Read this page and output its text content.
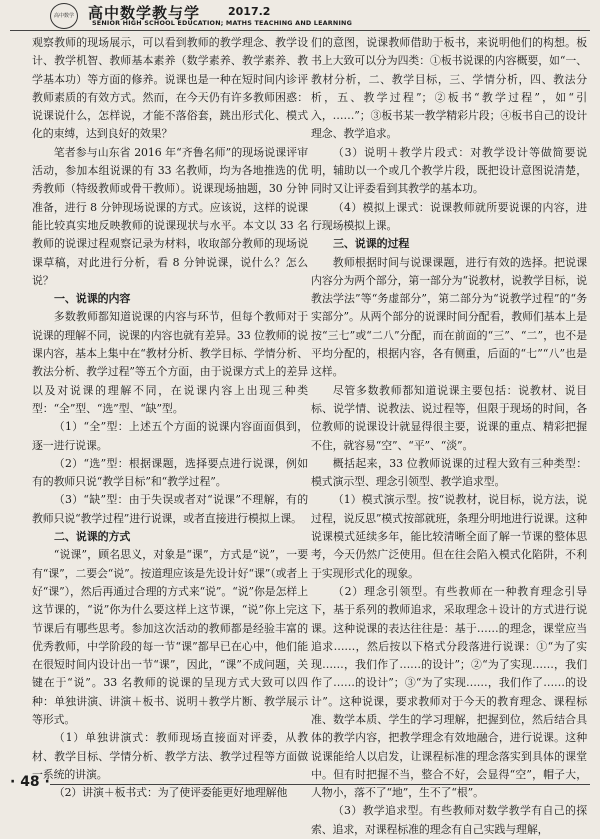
高中数学 高中数学教与学	2017.2
SENIOR HIGH SCHOOL EDUCATION; MATHS TEACHING AND LEARNING

观察教师的现场展示，可以看到教师的教学理念、教学设计、教学机智、教师基本素养（数学素养、教学素养、教学基本功）等方面的修养。说课也是一种在短时间内诊评教师素质的有效方式。然而，在今天仍有许多教师困惑：说课说什么，怎样说，才能不落俗套，跳出形式化、模式化的束缚，达到良好的效果？

笔者参与山东省 2016 年“齐鲁名师”的现场说课评审活动，参加本组说课的有 33 名教师，均为各地推选的优秀教师（特级教师或骨干教师）。说课现场抽题，30 分钟准备，进行 8 分钟现场说课的方式。应该说，这样的说课能比较真实地反映教师的说课现状与水平。本文以 33 名教师的说课过程观察记录为材料，收取部分教师的现场说课草稿，对此进行分析，看 8 分钟说课，说什么？怎么说？

一、说课的内容

多数教师都知道说课的内容与环节，但每个教师对于说课的理解不同，说课的内容也就有差异。33 位教师的说课内容，基本上集中在“教材分析、教学目标、学情分析、教法分析、教学过程”等五个方面，由于说课方式上的差异以及对说课的理解不同，在说课内容上出现三种类型：“全”型、“选”型、“缺”型。

（1）“全”型：上述五个方面的说课内容面面俱到，逐一进行说课。

（2）“选”型：根据课题，选择要点进行说课，例如有的教师只说“教学目标”和“教学过程”。

（3）“缺”型：由于失误或者对“说课”不理解，有的教师只说“教学过程”进行说课，或者直接进行模拟上课。

二、说课的方式

“说课”，顾名思义，对象是“课”，方式是“说”，一要有“课”，二要会“说”。按道理应该是先设计好“课”（或者上好“课”），然后再通过合理的方式来“说”。“说”你是怎样上这节课的，“说”你为什么要这样上这节课，“说”你上完这节课后有哪些思考。参加这次活动的教师都是经验丰富的优秀教师，中学阶段的每一节“课”都早已在心中，他们能在很短时间内设计出一节“课”，因此，“课”不成问题，关键在于“说”。33 名教师的说课的呈现方式大致可以四种：单独讲演、讲演＋板书、说明＋教学片断、教学展示等形式。

（1）单独讲演式：教师现场直接面对评委，从教材、教学目标、学情分析、教学方法、教学过程等方面做一系统的讲演。

（2）讲演＋板书式：为了使评委能更好地理解他

们的意图，说课教师借助于板书，来说明他们的构想。板书上大致可以分为四类：①板书说课的内容概要，如“一、教材分析，二、教学目标，三、学情分析，四、教法分析，五、教学过程”；②板书“教学过程”，如“引入，……”；③板书某一教学精彩片段；④板书自己的设计理念、教学追求。

（3）说明＋教学片段式：对教学设计等做简要说明，辅助以一个或几个教学片段，既把设计意图说清楚，同时又让评委看到其教学的基本功。

（4）模拟上课式：说课教师就所要说课的内容，进行现场模拟上课。

三、说课的过程

教师根据时间与说课课题，进行有效的选择。把说课内容分为两个部分，第一部分为“说教材，说教学目标，说教法学法”等“务虚部分”，第二部分为“说教学过程”的“务实部分”。从两个部分的说课时间分配看，教师们基本上是按“三七”或“二八”分配，而在前面的“三”、“二”，也不是平均分配的，根据内容，各有侧重，后面的“七”“八”也是这样。

尽管多数教师都知道说课主要包括：说教材、说目标、说学情、说教法、说过程等，但限于现场的时间，各位教师的说课设计就显得很主要，说课的重点、精彩把握不住，就容易“空”、“平”、“淡”。

概括起来，33 位教师说课的过程大致有三种类型：模式演示型、理念引领型、教学追求型。

（1）模式演示型。按“说教材，说目标，说方法，说过程，说反思”模式按部就班，条理分明地进行说课。这种说课模式延续多年，能比较清晰全面了解一节课的整体思考，今天仍然广泛使用。但在往会陷入模式化陷阱，不利于实现形式化的现象。

（2）理念引领型。有些教师在一种教育理念引导下，基于系列的教师追求，采取理念＋设计的方式进行说课。这种说课的表达往往是：基于……的理念，课堂应当追求……，然后按以下格式分段落进行说课：①“为了实现……，我们作了……的设计”；②“为了实现……，我们作了……的设计”；③“为了实现……，我们作了……的设计”。这种说课，要求教师对于今天的教育理念、课程标准、数学本质、学生的学习理解，把握到位，然后结合具体的教学内容，把教学理念有效地融合，进行说课。这种说课能给人以启发，让课程标准的理念落实到具体的课堂中。但有时把握不当，整合不好，会显得“空”，帽子大，人物小，落不了“地”，生不了“根”。

（3）教学追求型。有些教师对数学教学有自己的探索、追求，对课程标准的理念有自己实践与理解，

· 48 ·
